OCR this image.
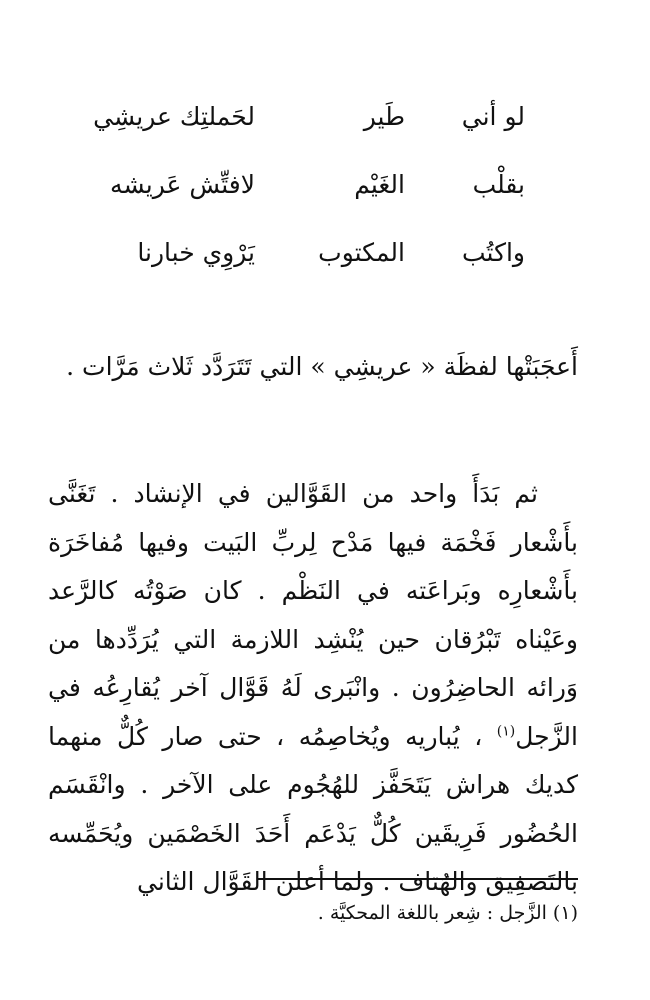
لو أني
طَير
لحَملتِك عريشِي
بقلْب
الغَيْم
لافتِّش عَريشه
واكتُب
المكتوب
يَرْوِي خبارنا
أَعجَبَتْها لفظَة « عريشِي » التي تَتَرَدَّد ثَلاث مَرَّات .

ثم بَدَأَ واحد من القَوَّالين في الإنشاد . تَغَنَّى بأَشْعار فَخْمَة فيها مَدْح لِربِّ البَيت وفيها مُفاخَرَة بأَشْعارِه وبَراعَته في النَظْم . كان صَوْتُه كالرَّعد وعَيْناه تَبْرُقان حين يُنْشِد اللازمة التي يُرَدِّدها من وَرائه الحاضِرُون . وانْبَرى لَهُ قَوَّال آخر يُقارِعُه في الزَّجل$^{(١)}$ ، يُباريه ويُخاصِمُه ، حتى صار كُلٌّ منهما كديك هراش يَتَحَفَّز للهُجُوم على الآخر . وانْقَسَم الحُضُور فَرِيقَين كُلٌّ يَدْعَم أَحَدَ الخَصْمَين ويُحَمِّسه بالتَصفِيق والهُتاف . ولما أعلن القَوَّال الثاني

(١) الزَّجل : شِعر باللغة المحكيَّة .
